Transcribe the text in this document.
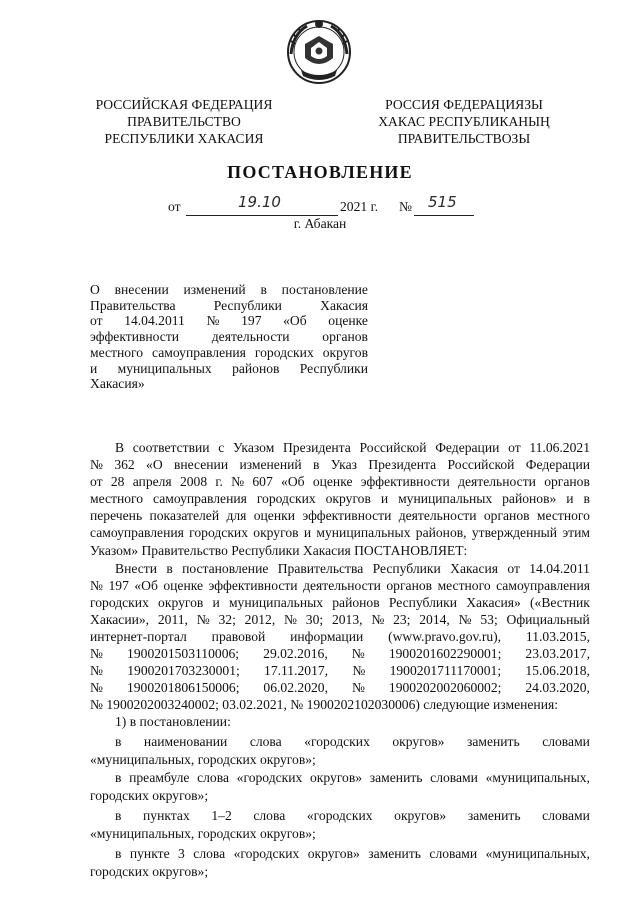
РОССИЙСКАЯ ФЕДЕРАЦИЯ
ПРАВИТЕЛЬСТВО
РЕСПУБЛИКИ ХАКАСИЯ
РОССИЯ ФЕДЕРАЦИЯЗЫ
ХАКАС РЕСПУБЛИКАНЫҢ
ПРАВИТЕЛЬСТВОЗЫ
ПОСТАНОВЛЕНИЕ
от	19.10	2021 г. № 515
г. Абакан
О внесении изменений в постановление
Правительства	Республики	Хакасия
от 14.04.2011 № 197 «Об оценке
эффективности деятельности органов
местного самоуправления городских округов
и муниципальных районов Республики
Хакасия»
В соответствии с Указом Президента Российской Федерации от 11.06.2021
№ 362 «О внесении изменений в Указ Президента Российской Федерации
от 28 апреля 2008 г. № 607 «Об оценке эффективности деятельности органов
местного самоуправления городских округов и муниципальных районов» и в
перечень показателей для оценки эффективности деятельности органов местного
самоуправления городских округов и муниципальных районов, утвержденный этим
Указом» Правительство Республики Хакасия ПОСТАНОВЛЯЕТ:
Внести в постановление Правительства Республики Хакасия от 14.04.2011
№ 197 «Об оценке эффективности деятельности органов местного самоуправления
городских округов и муниципальных районов Республики Хакасия» («Вестник
Хакасии», 2011, № 32; 2012, № 30; 2013, № 23; 2014, № 53; Официальный
интернет-портал правовой информации (www.pravo.gov.ru), 11.03.2015,
№ 1900201503110006; 29.02.2016, № 1900201602290001; 23.03.2017,
№ 1900201703230001; 17.11.2017, № 1900201711170001; 15.06.2018,
№ 1900201806150006; 06.02.2020, № 1900202002060002; 24.03.2020,
№ 1900202003240002; 03.02.2021, № 1900202102030006) следующие изменения:
1) в постановлении:
в наименовании слова «городских округов» заменить словами
«муниципальных, городских округов»;
в преамбуле слова «городских округов» заменить словами «муниципальных,
городских округов»;
в пунктах 1–2 слова «городских округов» заменить словами
«муниципальных, городских округов»;
в пункте 3 слова «городских округов» заменить словами «муниципальных,
городских округов»;
